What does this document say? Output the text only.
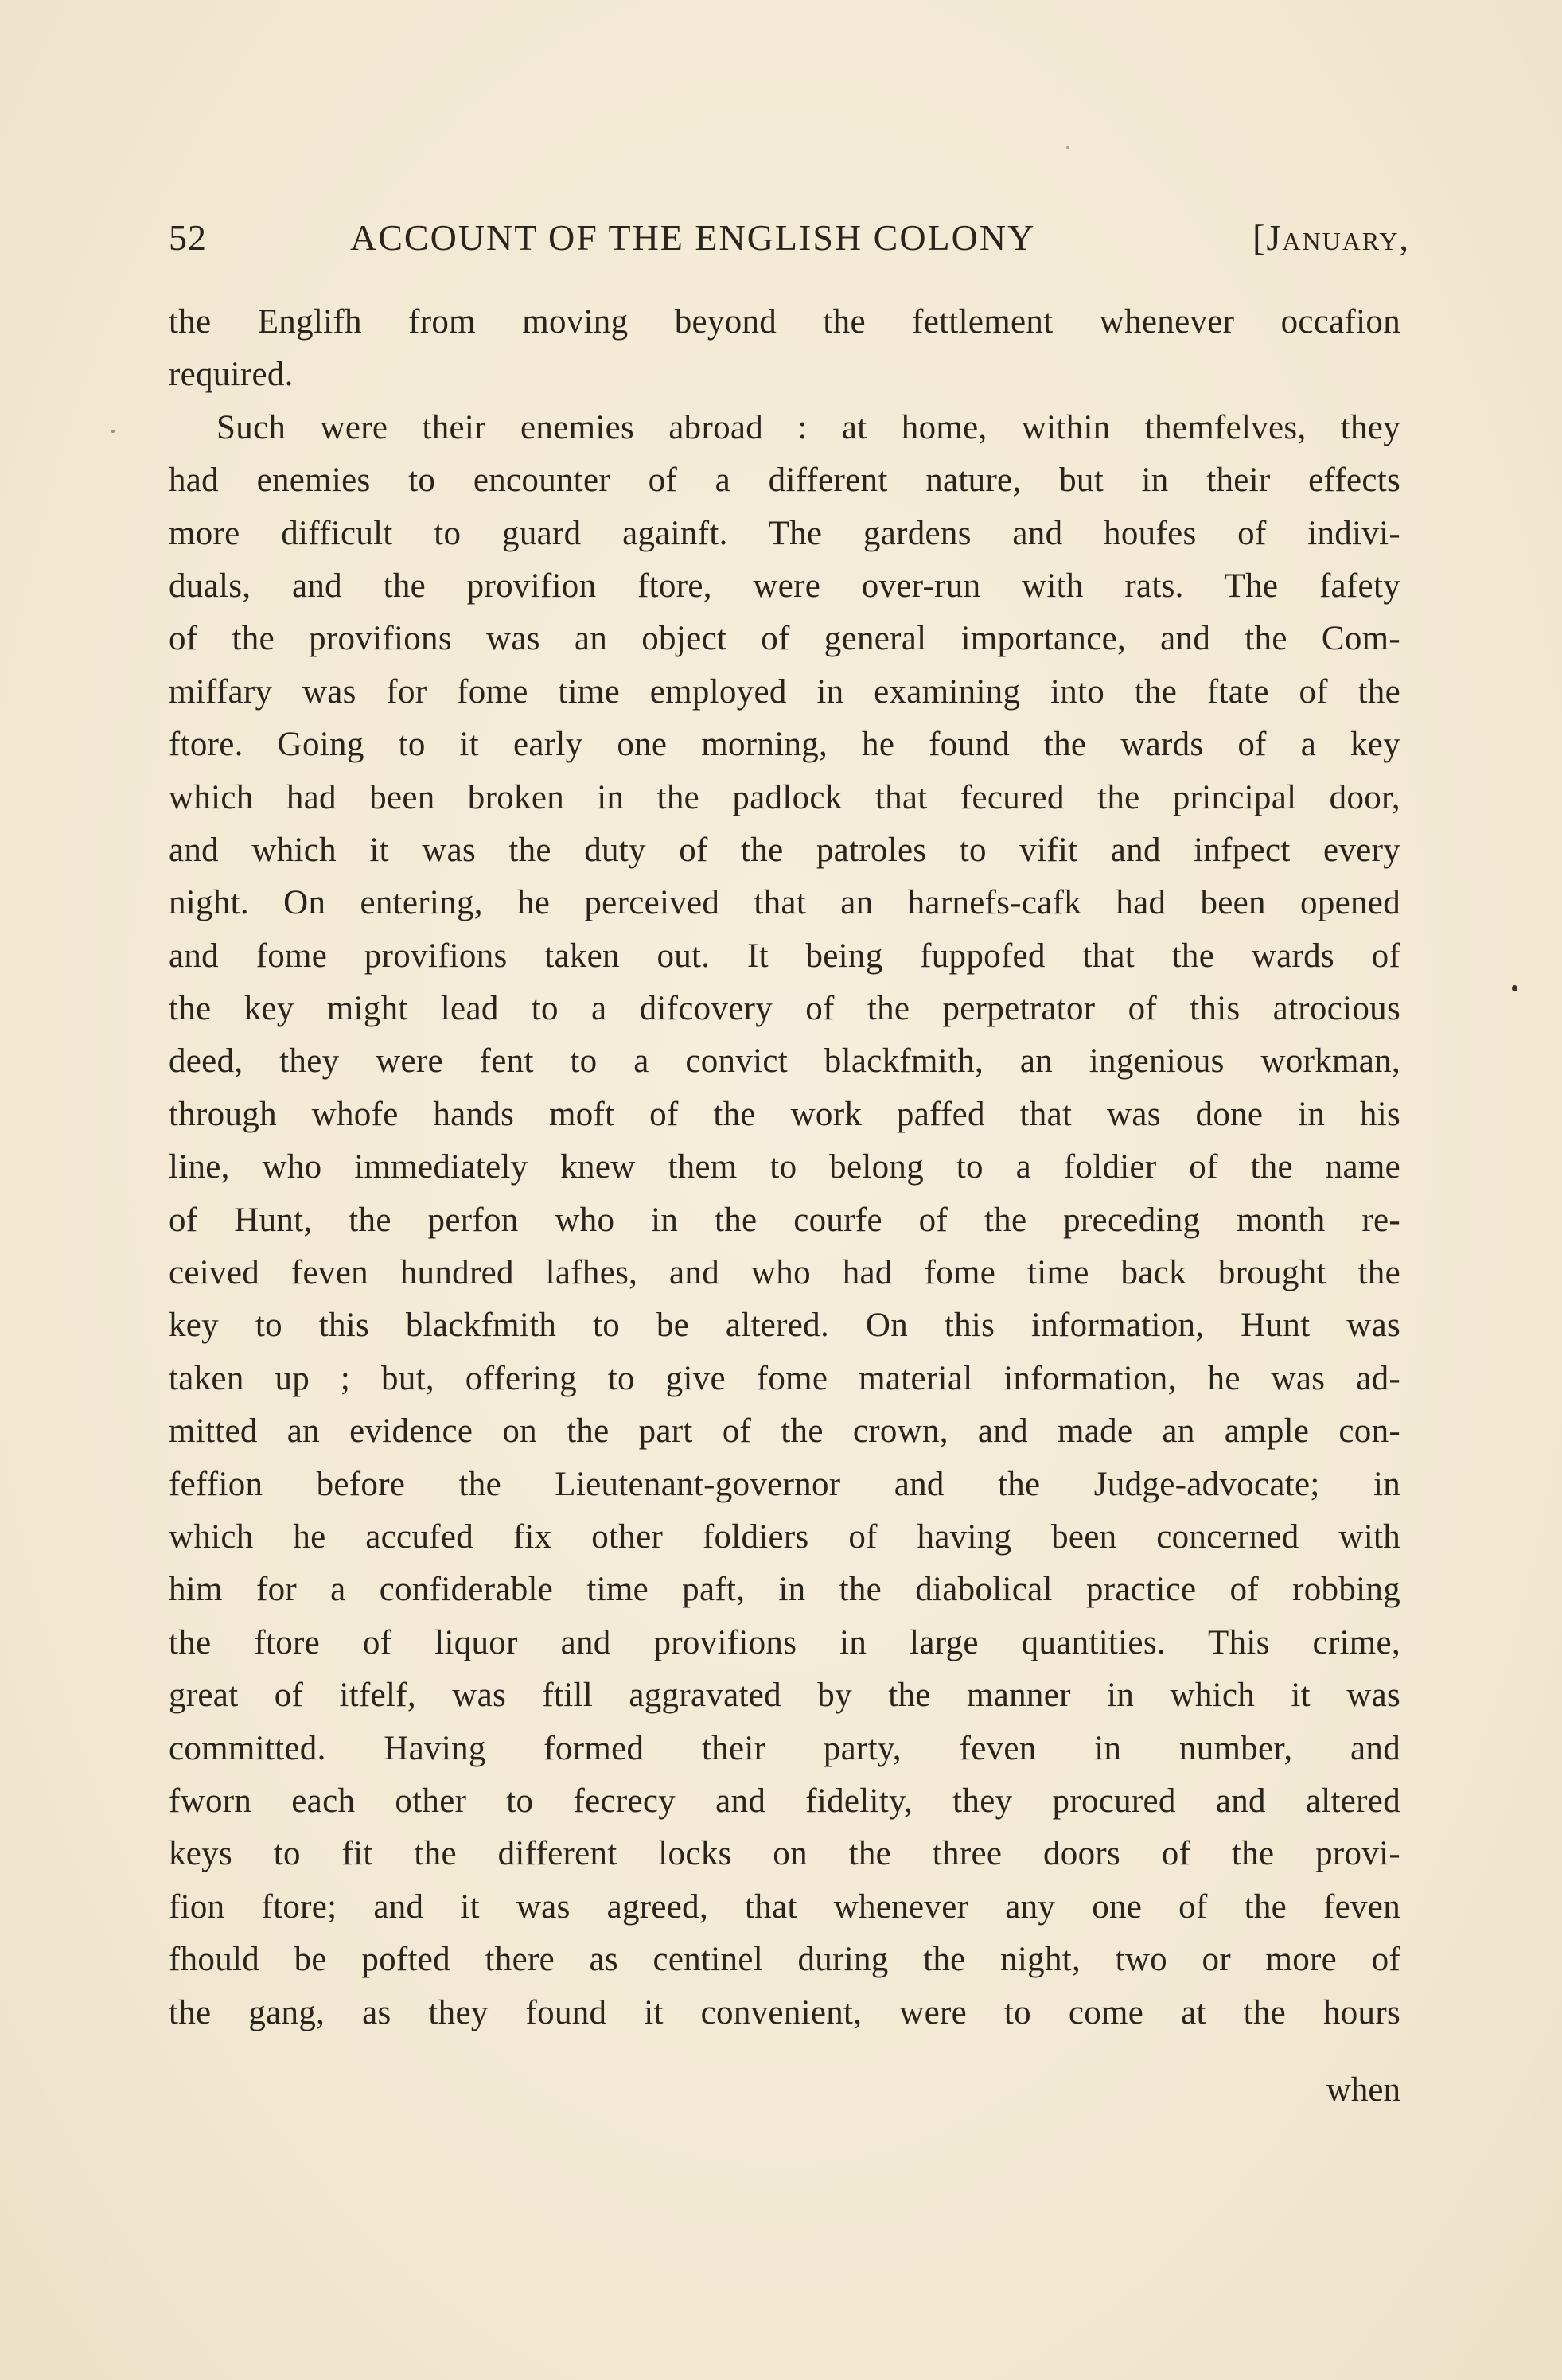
52	ACCOUNT OF THE ENGLISH COLONY	[January,
the Englifh from moving beyond the fettlement whenever occafion
required.
Such were their enemies abroad : at home, within themfelves, they
had enemies to encounter of a different nature, but in their effects
more difficult to guard againft. The gardens and houfes of indivi-
duals, and the provifion ftore, were over-run with rats. The fafety
of the provifions was an object of general importance, and the Com-
miffary was for fome time employed in examining into the ftate of the
ftore. Going to it early one morning, he found the wards of a key
which had been broken in the padlock that fecured the principal door,
and which it was the duty of the patroles to vifit and infpect every
night. On entering, he perceived that an harnefs-cafk had been opened
and fome provifions taken out. It being fuppofed that the wards of
the key might lead to a difcovery of the perpetrator of this atrocious
deed, they were fent to a convict blackfmith, an ingenious workman,
through whofe hands moft of the work paffed that was done in his
line, who immediately knew them to belong to a foldier of the name
of Hunt, the perfon who in the courfe of the preceding month re-
ceived feven hundred lafhes, and who had fome time back brought the
key to this blackfmith to be altered. On this information, Hunt was
taken up ; but, offering to give fome material information, he was ad-
mitted an evidence on the part of the crown, and made an ample con-
feffion before the Lieutenant-governor and the Judge-advocate; in
which he accufed fix other foldiers of having been concerned with
him for a confiderable time paft, in the diabolical practice of robbing
the ftore of liquor and provifions in large quantities. This crime,
great of itfelf, was ftill aggravated by the manner in which it was
committed. Having formed their party, feven in number, and
fworn each other to fecrecy and fidelity, they procured and altered
keys to fit the different locks on the three doors of the provi-
fion ftore; and it was agreed, that whenever any one of the feven
fhould be pofted there as centinel during the night, two or more of
the gang, as they found it convenient, were to come at the hours
when
